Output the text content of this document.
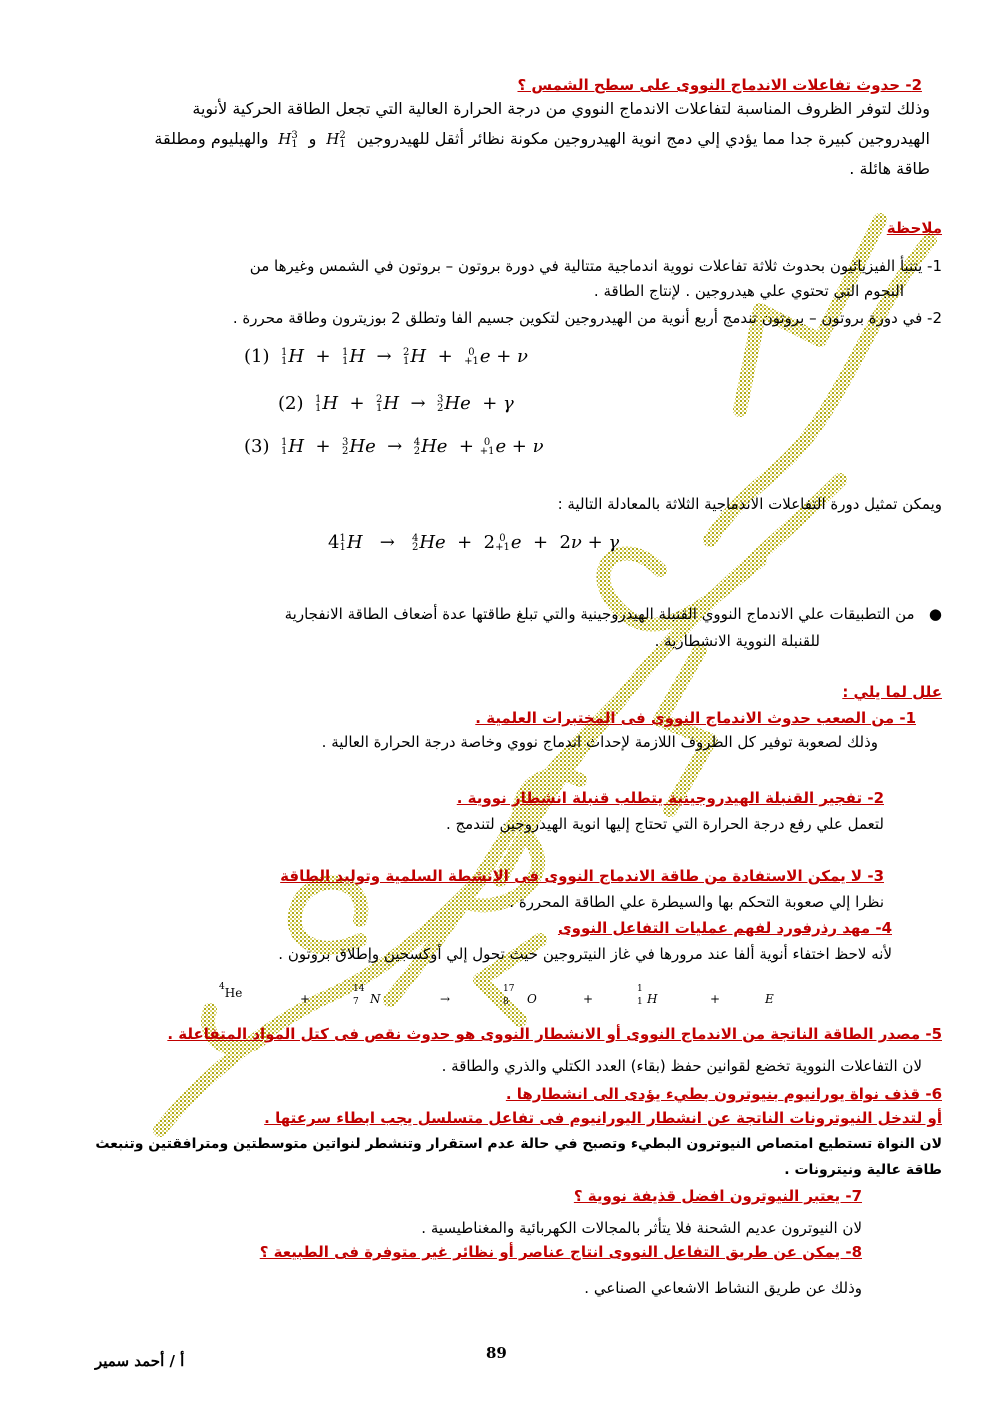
2- حدوث تفاعلات الاندماج النووى على سطح الشمس ؟
وذلك لتوفر الظروف المناسبة لتفاعلات الاندماج النووي من درجة الحرارة العالية التي تجعل الطاقة الحركية لأنوية
الهيدروجين كبيرة جدا مما يؤدي إلي دمج انوية الهيدروجين مكونة نظائر أثقل للهيدروجين
2
1
H  و
3
1
H  والهيليوم ومطلقة
طاقة هائلة .
ملاحظة
1- يتنبأ الفيزيائيون بحدوث ثلاثة تفاعلات نووية اندماجية متتالية في دورة بروتون – بروتون في الشمس وغيرها من
النجوم التي تحتوي علي هيدروجين . لإنتاج الطاقة .
2- في دورة بروتون – بروتون تندمج أربع أنوية من الهيدروجين لتكوين جسيم الفا وتطلق 2 بوزيترون وطاقة محررة .
(1) 1
1 H  + 1
1 H  → 2
1 H  + 0
+1 e + ν
(2) 1
1 H  + 2
1 H  → 3
2 He  + γ
(3) 1
1 H  + 3
2 He  → 4
2 He  + 0
+1 e + ν
ويمكن تمثيل دورة التفاعلات الاندماجية الثلاثة بالمعادلة التالية :
4 1
1 H   → 4
2 He  +  2 0
+1 e  +  2ν + γ
●   من التطبيقات علي الاندماج النووي القنبلة الهيدروجينية والتي تبلغ طاقتها عدة أضعاف الطاقة الانفجارية
للقنبلة النووية الانشطارية .
علل لما يلي :
1- من الصعب حدوث الاندماج النووى فى المختبرات العلمية .
وذلك لصعوبة توفير كل الظروف اللازمة لإحداث اندماج نووي وخاصة درجة الحرارة العالية .
2- تفجير القنبلة الهيدروجينية يتطلب قنبلة انشطار نووية .
لتعمل علي رفع درجة الحرارة التي تحتاج إليها انوية الهيدروجين لتندمج .
3- لا يمكن الاستفادة من طاقة الاندماج النووى فى الانشطة السلمية وتوليد الطاقة
نظرا إلي صعوبة التحكم بها والسيطرة علي الطاقة المحررة .
4- مهد رذرفورد لفهم عمليات التفاعل النووى
لأنه لاحظ اختفاء أنوية ألفا عند مرورها في غاز النيتروجين حيث تحول إلي أوكسجين وإطلاق بروتون .
$^4$He	+
14
7 N	→
17
8	O	+
1
1 H	+	E
5- مصدر الطاقة الناتجة من الاندماج النووى أو الانشطار النووى هو حدوث نقص فى كتل المواد المتفاعلة .
لان التفاعلات النووية تخضع لقوانين حفظ (بقاء) العدد الكتلي والذري والطاقة .
6- قذف نواة يورانيوم بنيوترون بطيء يؤدى الى انشطارها .
أو لتدخل النيوترونات الناتجة عن انشطار اليورانيوم فى تفاعل متسلسل يجب ابطاء سرعتها .
لان النواة تستطيع امتصاص النيوترون البطيء وتصبح في حالة عدم استقرار وتنشطر لنواتين متوسطتين ومترافقتين وتنبعث
طاقة عالية ونيترونات .
7- يعتبر النيوترون افضل قذيفة نووية ؟
لان النيوترون عديم الشحنة فلا يتأثر بالمجالات الكهربائية والمغناطيسية .
8- يمكن عن طريق التفاعل النووى انتاج عناصر أو نظائر غير متوفرة فى الطبيعة ؟
وذلك عن طريق النشاط الاشعاعي الصناعي .
89
أ / أحمد سمير
